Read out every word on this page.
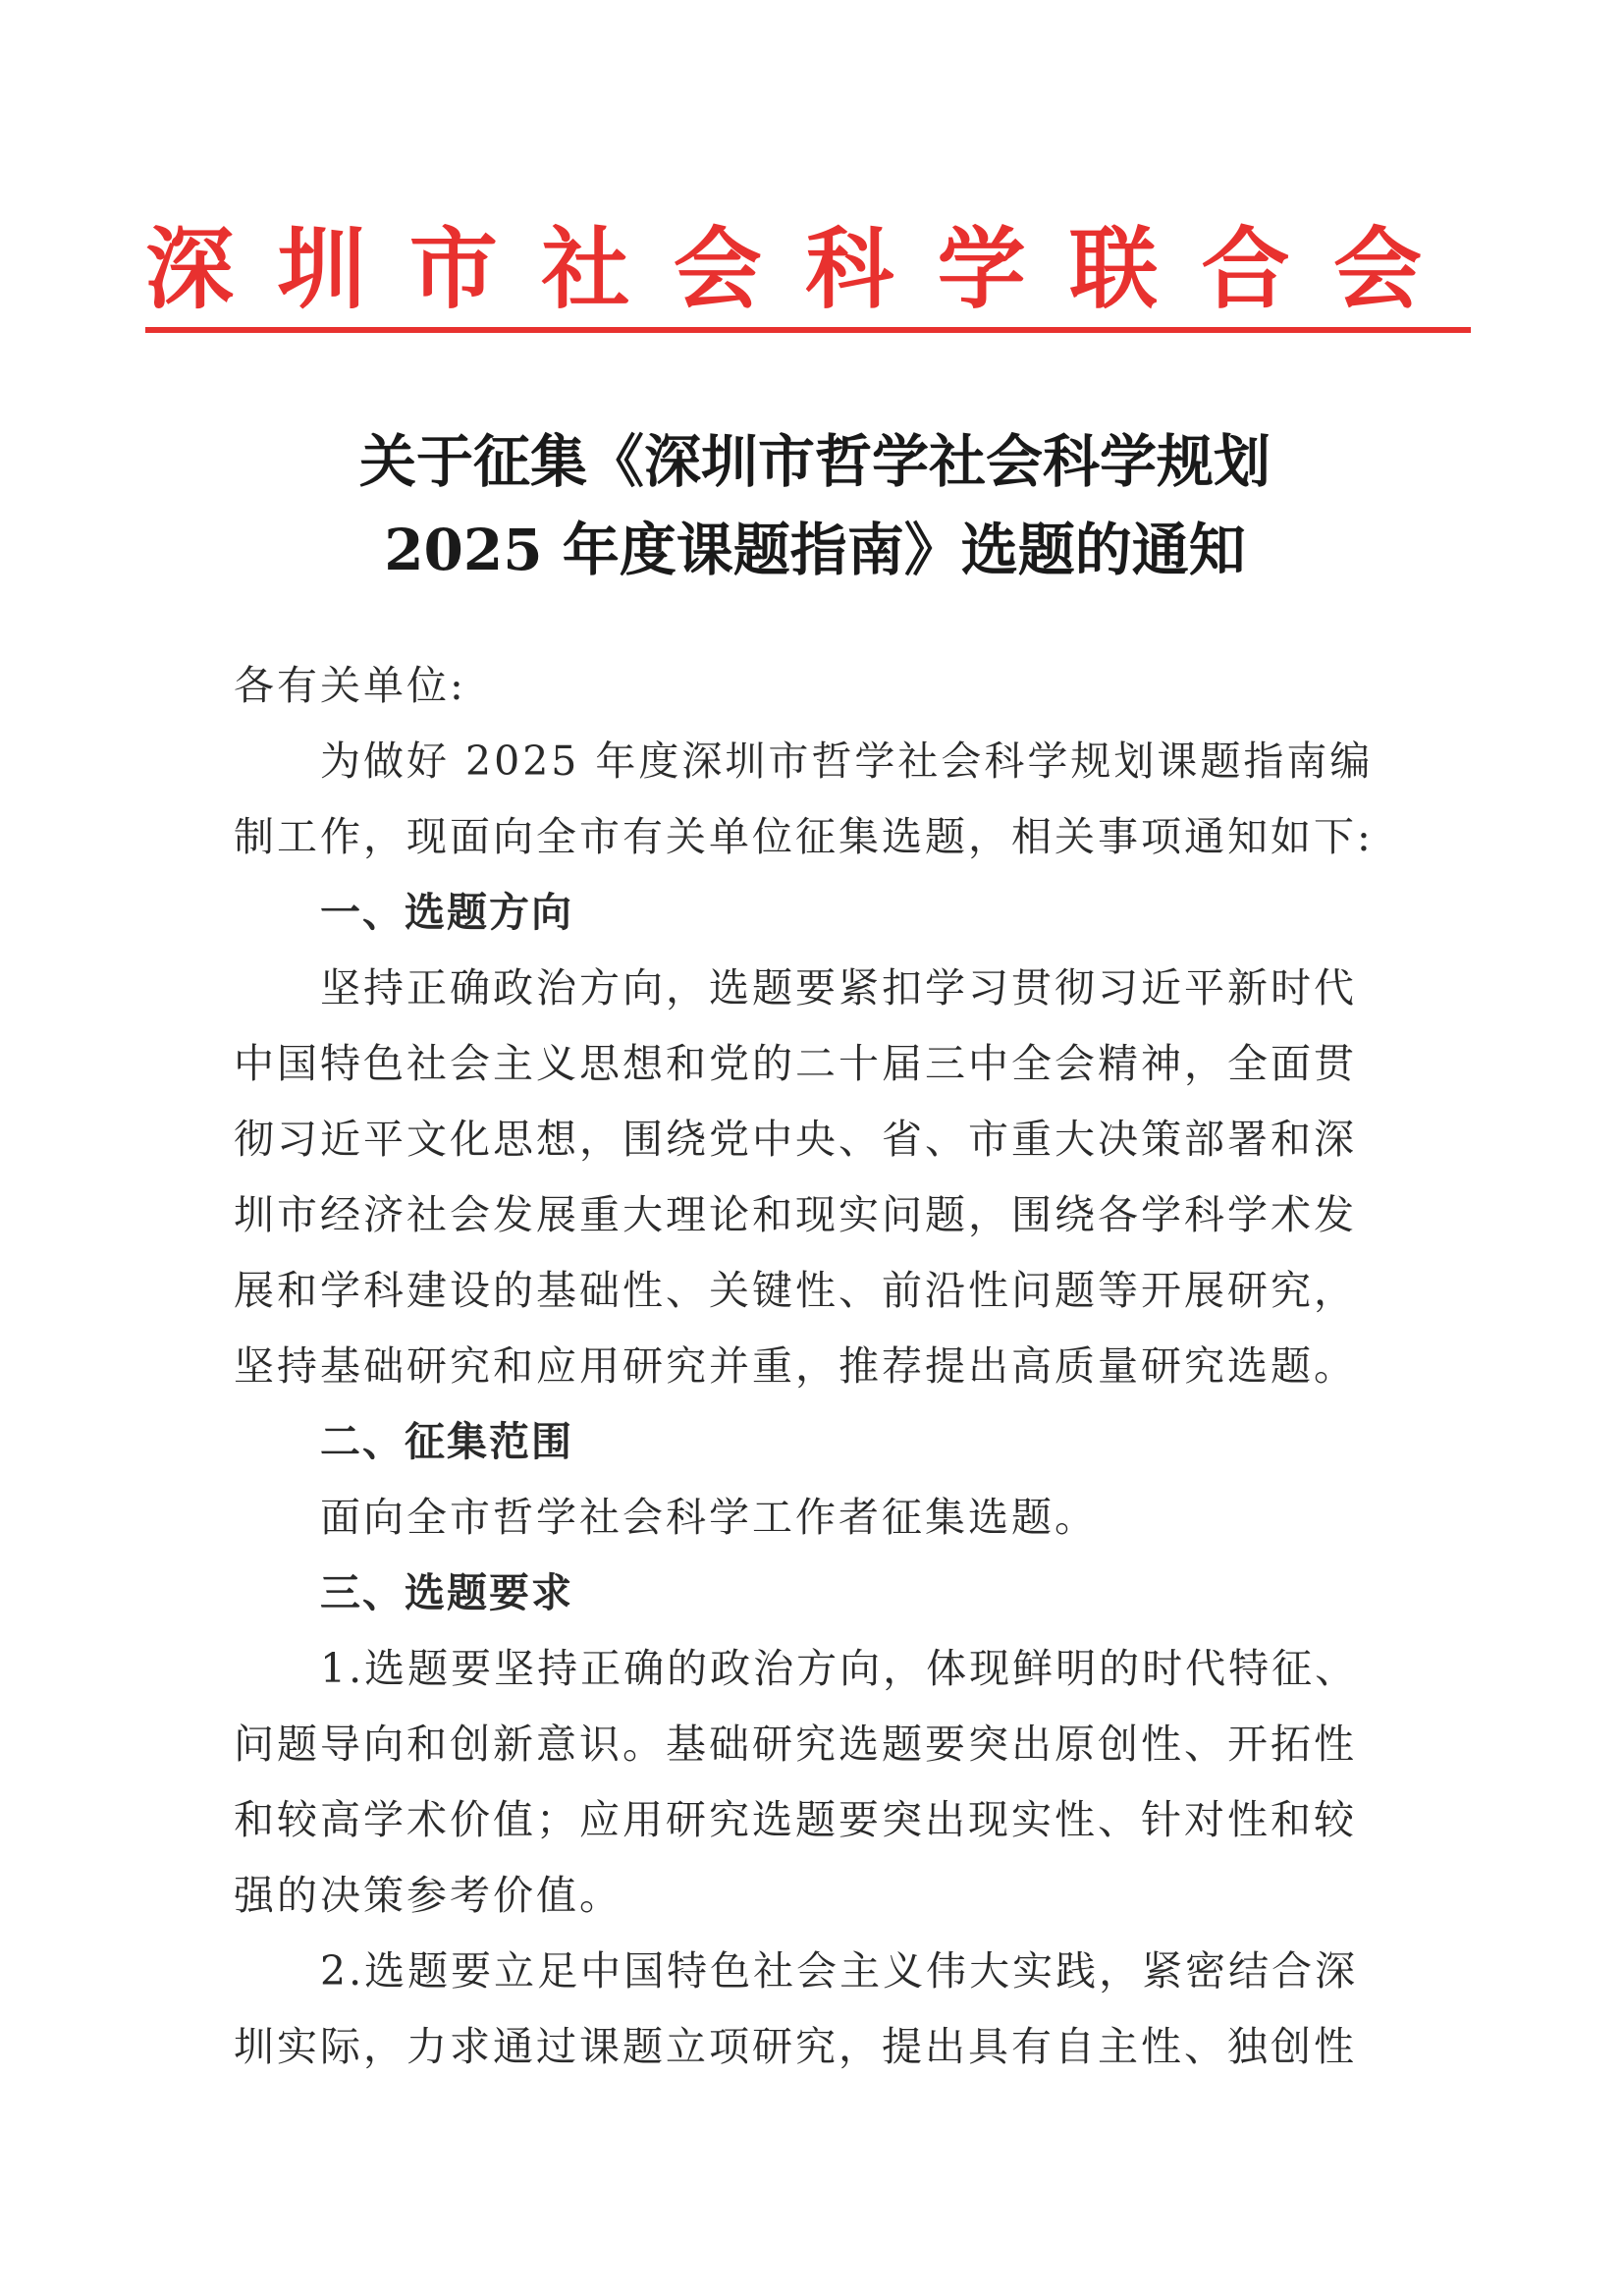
深 圳 市 社 会 科 学 联 合 会
关于征集《深圳市哲学社会科学规划
2025 年度课题指南》选题的通知
各有关单位:
为做好 2025 年度深圳市哲学社会科学规划课题指南编
制工作，现面向全市有关单位征集选题，相关事项通知如下:
一、选题方向
坚持正确政治方向，选题要紧扣学习贯彻习近平新时代
中国特色社会主义思想和党的二十届三中全会精神，全面贯
彻习近平文化思想，围绕党中央、省、市重大决策部署和深
圳市经济社会发展重大理论和现实问题，围绕各学科学术发
展和学科建设的基础性、关键性、前沿性问题等开展研究，
坚持基础研究和应用研究并重，推荐提出高质量研究选题。
二、征集范围
面向全市哲学社会科学工作者征集选题。
三、选题要求
1.选题要坚持正确的政治方向，体现鲜明的时代特征、
问题导向和创新意识。基础研究选题要突出原创性、开拓性
和较高学术价值；应用研究选题要突出现实性、针对性和较
强的决策参考价值。
2.选题要立足中国特色社会主义伟大实践，紧密结合深
圳实际，力求通过课题立项研究，提出具有自主性、独创性
